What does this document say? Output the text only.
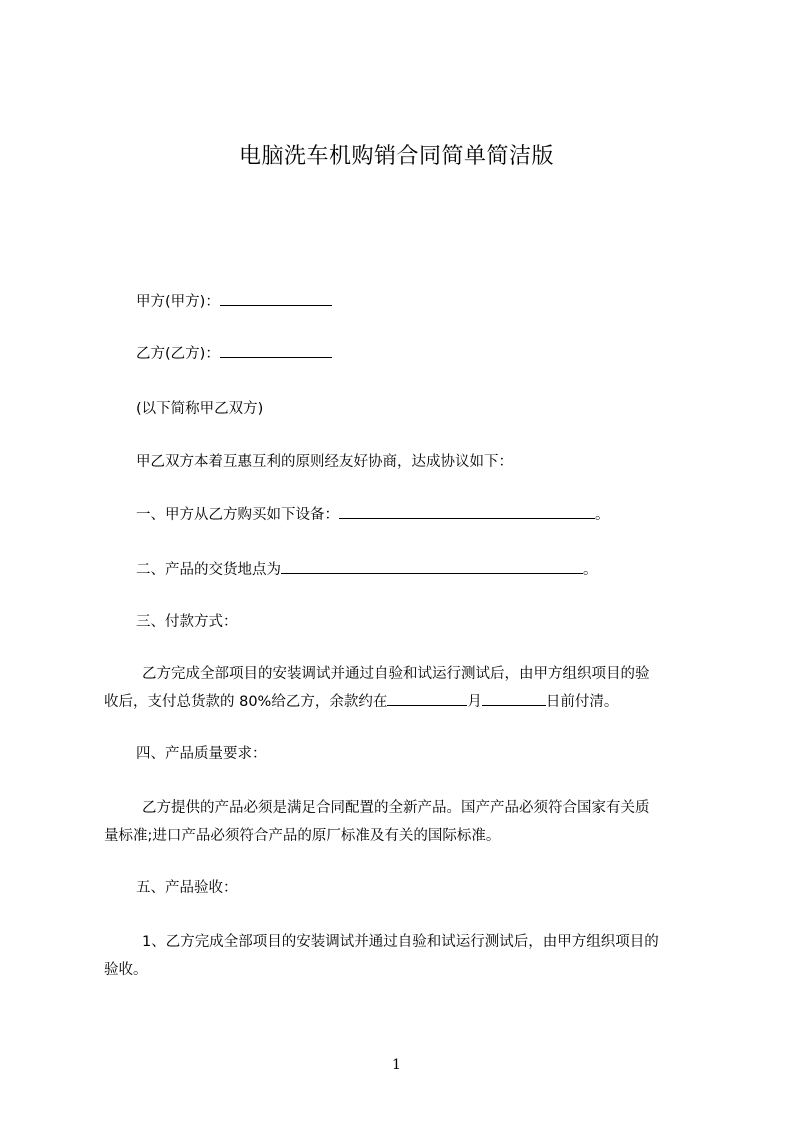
电脑洗车机购销合同简单简洁版
甲方(甲方)：
乙方(乙方)：
(以下简称甲乙双方)
甲乙双方本着互惠互利的原则经友好协商，达成协议如下：
一、甲方从乙方购买如下设备：	。
二、产品的交货地点为	。
三、付款方式：
乙方完成全部项目的安装调试并通过自验和试运行测试后，由甲方组织项目的验
收后，支付总货款的 80%给乙方，余款约在	月	日前付清。
四、产品质量要求：
乙方提供的产品必须是满足合同配置的全新产品。国产产品必须符合国家有关质
量标准;进口产品必须符合产品的原厂标准及有关的国际标准。
五、产品验收：
1、乙方完成全部项目的安装调试并通过自验和试运行测试后，由甲方组织项目的
验收。
1
